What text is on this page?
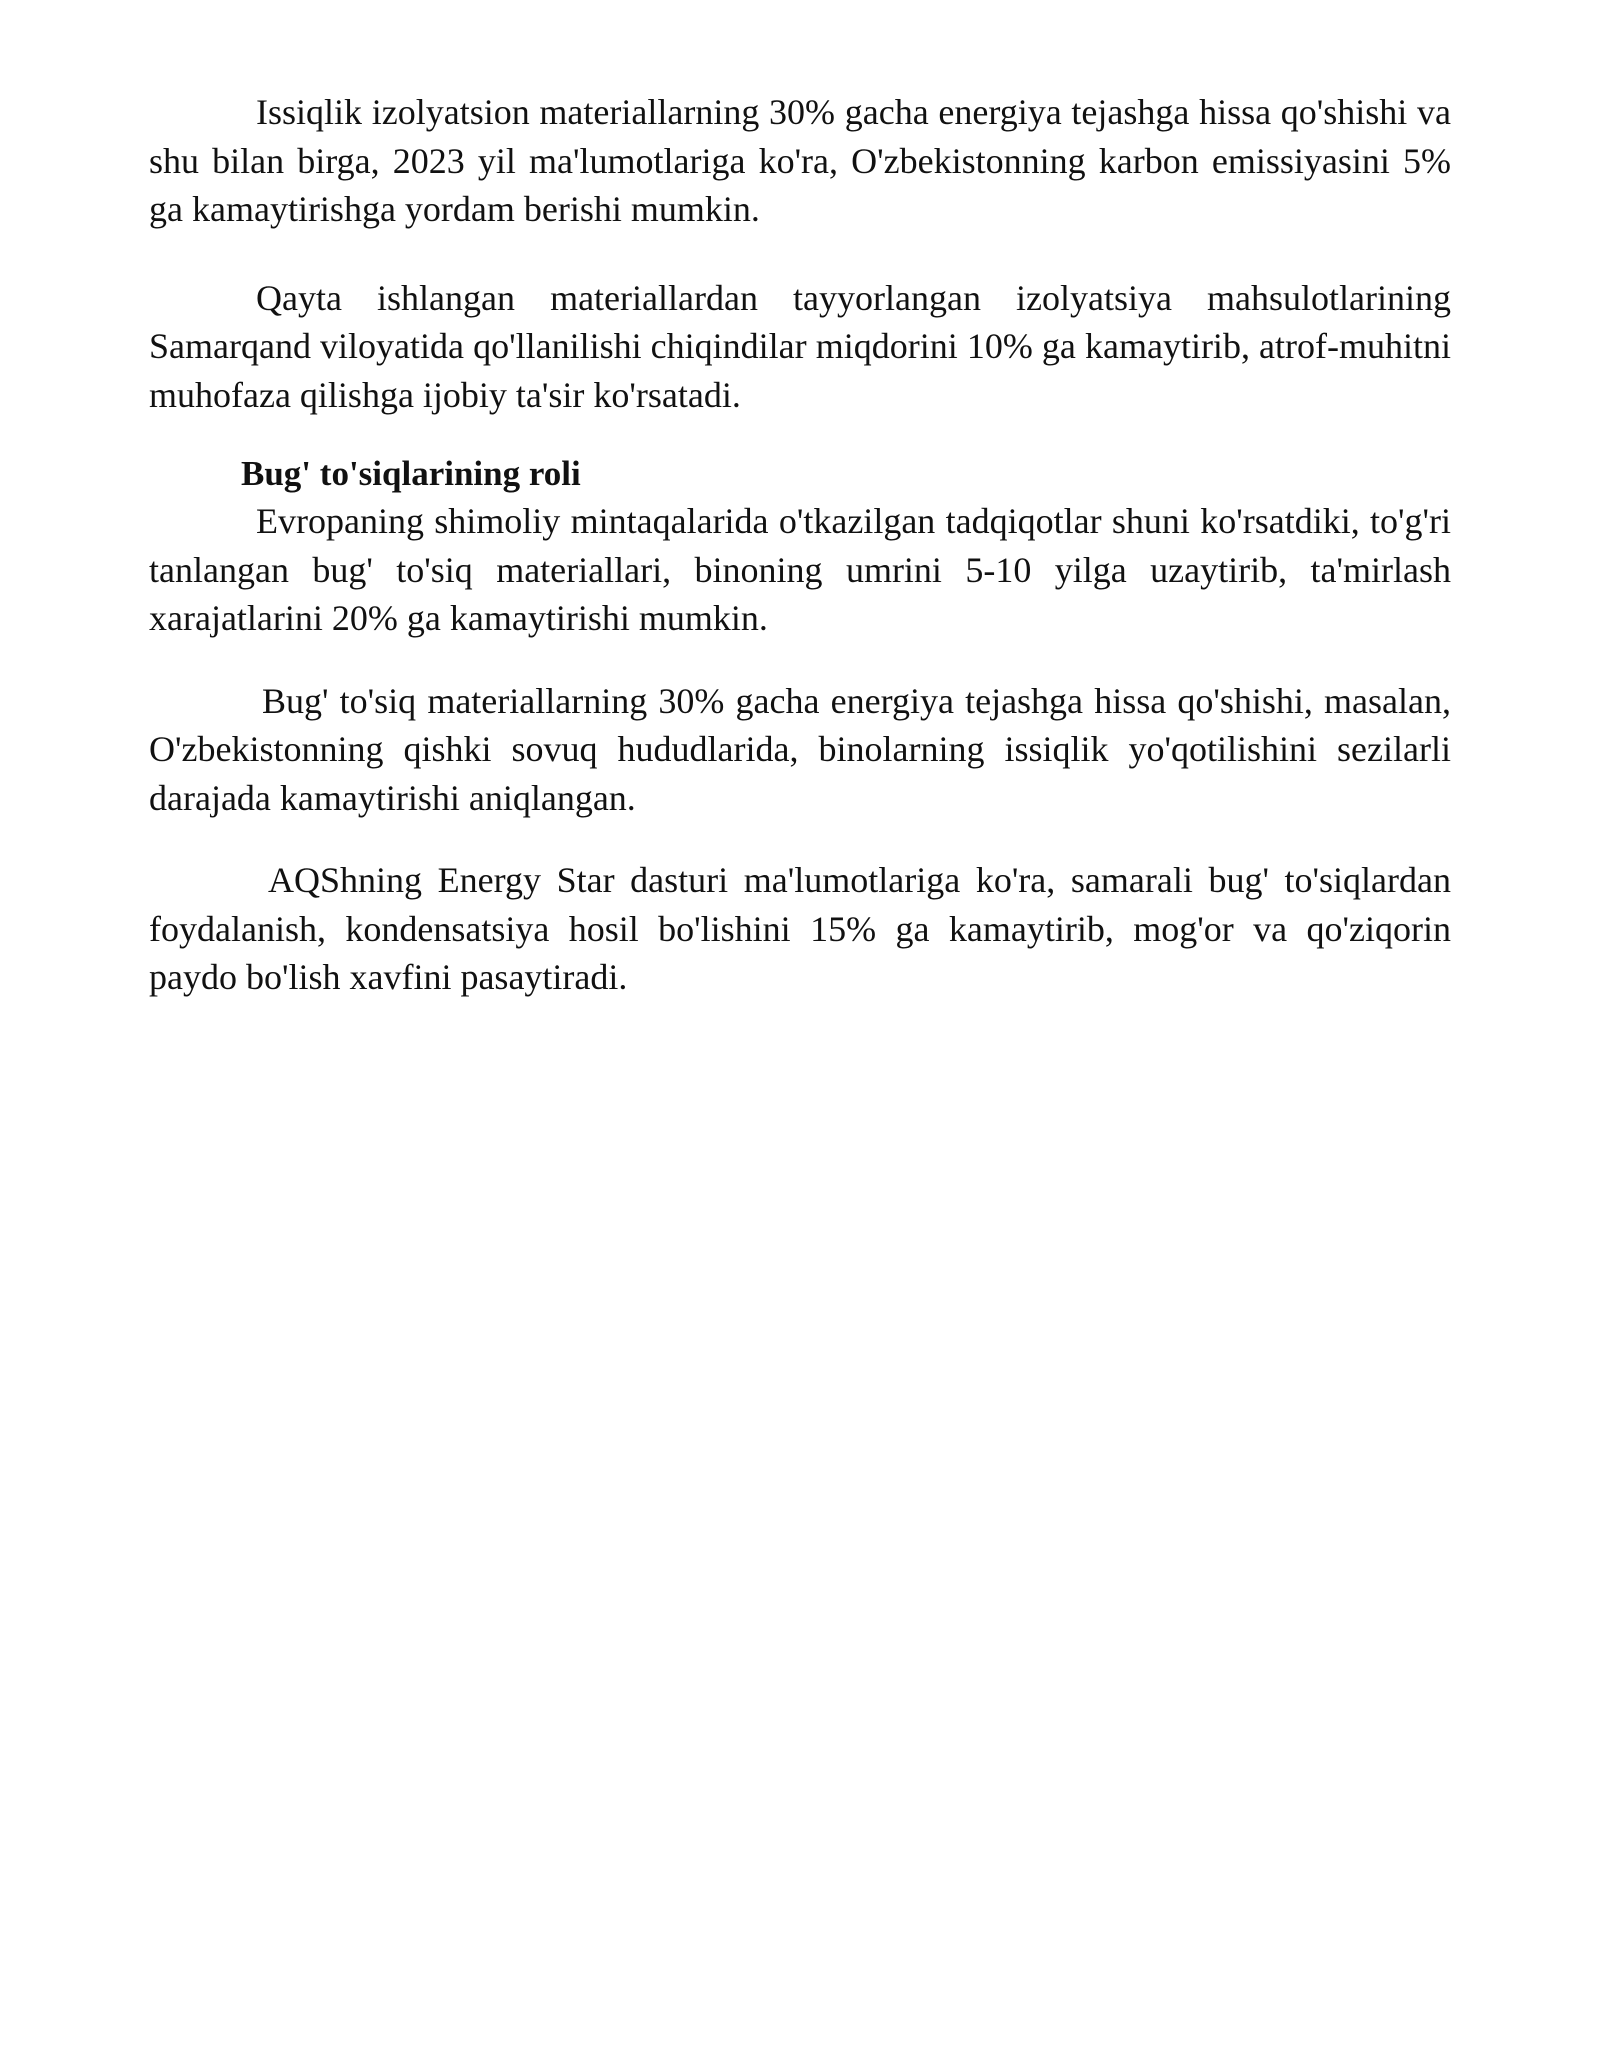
Issiqlik izolyatsion materiallarning 30% gacha energiya tejashga hissa qo'shishi va shu bilan birga, 2023 yil ma'lumotlariga ko'ra, O'zbekistonning karbon emissiyasini 5% ga kamaytirishga yordam berishi mumkin.

Qayta ishlangan materiallardan tayyorlangan izolyatsiya mahsulotlarining Samarqand viloyatida qo'llanilishi chiqindilar miqdorini 10% ga kamaytirib, atrof-muhitni muhofaza qilishga ijobiy ta'sir ko'rsatadi.

Bug' to'siqlarining roli

Evropaning shimoliy mintaqalarida o'tkazilgan tadqiqotlar shuni ko'rsatdiki, to'g'ri tanlangan bug' to'siq materiallari, binoning umrini 5-10 yilga uzaytirib, ta'mirlash xarajatlarini 20% ga kamaytirishi mumkin.

Bug' to'siq materiallarning 30% gacha energiya tejashga hissa qo'shishi, masalan, O'zbekistonning qishki sovuq hududlarida, binolarning issiqlik yo'qotilishini sezilarli darajada kamaytirishi aniqlangan.

AQShning Energy Star dasturi ma'lumotlariga ko'ra, samarali bug' to'siqlardan foydalanish, kondensatsiya hosil bo'lishini 15% ga kamaytirib, mog'or va qo'ziqorin paydo bo'lish xavfini pasaytiradi.
